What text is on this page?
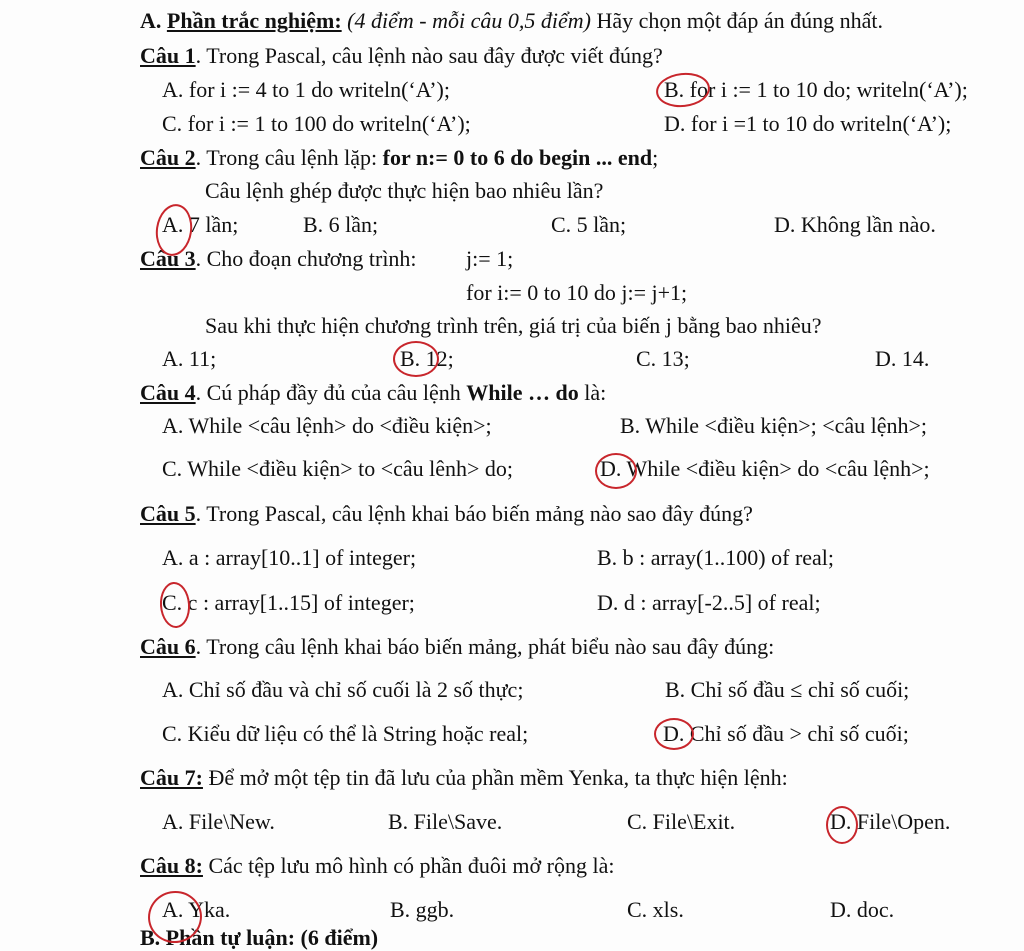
A. Phần trắc nghiệm: (4 điểm - mỗi câu 0,5 điểm) Hãy chọn một đáp án đúng nhất.
Câu 1. Trong Pascal, câu lệnh nào sau đây được viết đúng?
A. for i := 4 to 1 do writeln(‘A’);	B. for i := 1 to 10 do; writeln(‘A’);
C. for i := 1 to 100 do writeln(‘A’);	D. for i =1 to 10 do writeln(‘A’);
Câu 2. Trong câu lệnh lặp: for n:= 0 to 6 do begin ... end;
Câu lệnh ghép được thực hiện bao nhiêu lần?
A. 7 lần;	B. 6 lần;	C. 5 lần;	D. Không lần nào.
Câu 3. Cho đoạn chương trình: j:= 1;
for i:= 0 to 10 do j:= j+1;
Sau khi thực hiện chương trình trên, giá trị của biến j bằng bao nhiêu?
A. 11;	B. 12;	C. 13;	D. 14.
Câu 4. Cú pháp đầy đủ của câu lệnh While … do là:
A. While <câu lệnh> do <điều kiện>;	B. While <điều kiện>; <câu lệnh>;
C. While <điều kiện> to <câu lênh> do;	D. While <điều kiện> do <câu lệnh>;
Câu 5. Trong Pascal, câu lệnh khai báo biến mảng nào sao đây đúng?
A. a : array[10..1] of integer;	B. b : array(1..100) of real;
C. c : array[1..15] of integer;	D. d : array[-2..5] of real;
Câu 6. Trong câu lệnh khai báo biến mảng, phát biểu nào sau đây đúng:
A. Chỉ số đầu và chỉ số cuối là 2 số thực;	B. Chỉ số đầu ≤ chỉ số cuối;
C. Kiểu dữ liệu có thể là String hoặc real;	D. Chỉ số đầu > chỉ số cuối;
Câu 7: Để mở một tệp tin đã lưu của phần mềm Yenka, ta thực hiện lệnh:
A. File\New.	B. File\Save.	C. File\Exit.	D. File\Open.
Câu 8: Các tệp lưu mô hình có phần đuôi mở rộng là:
A. Yka.	B. ggb.	C. xls.	D. doc.
B. Phần tự luận: (6 điểm)
